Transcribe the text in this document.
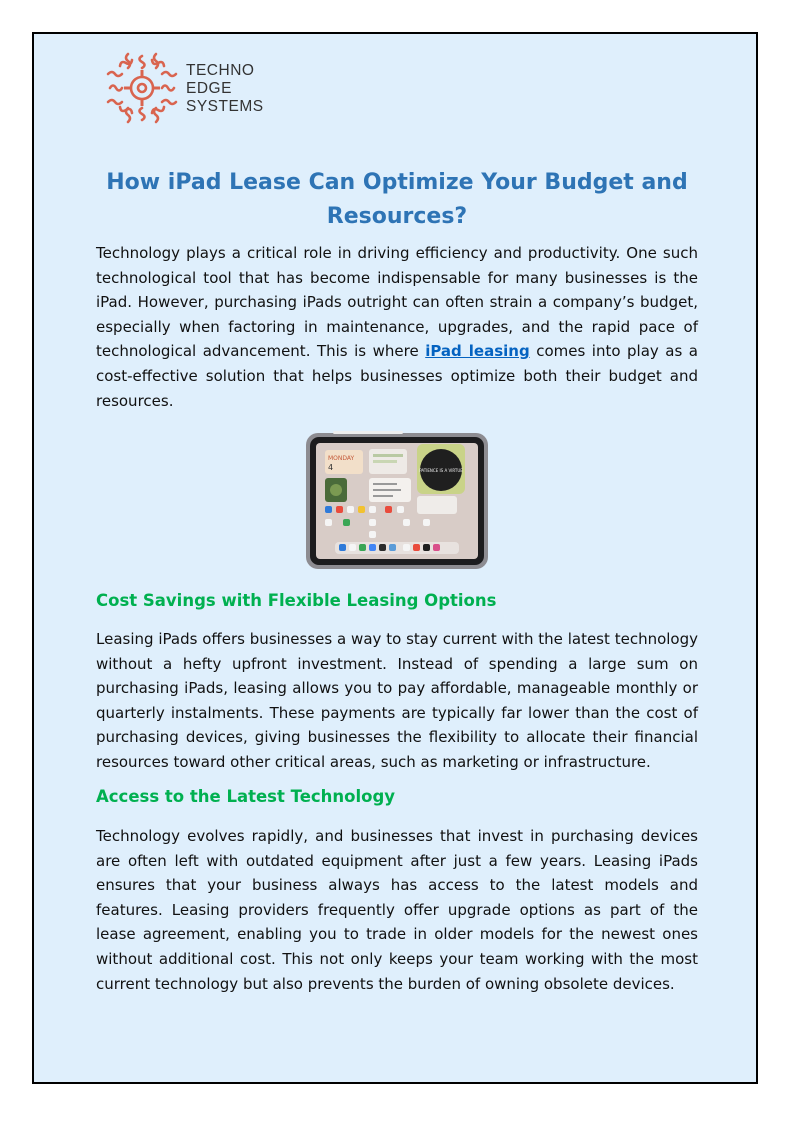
TECHNO
EDGE
SYSTEMS
How iPad Lease Can Optimize Your Budget and Resources?

Technology plays a critical role in driving efficiency and productivity. One such technological tool that has become indispensable for many businesses is the iPad. However, purchasing iPads outright can often strain a company’s budget, especially when factoring in maintenance, upgrades, and the rapid pace of technological advancement. This is where iPad leasing comes into play as a cost-effective solution that helps businesses optimize both their budget and resources.

MONDAY
4	PATIENCE IS A VIRTUE
Cost Savings with Flexible Leasing Options

Leasing iPads offers businesses a way to stay current with the latest technology without a hefty upfront investment. Instead of spending a large sum on purchasing iPads, leasing allows you to pay affordable, manageable monthly or quarterly instalments. These payments are typically far lower than the cost of purchasing devices, giving businesses the flexibility to allocate their financial resources toward other critical areas, such as marketing or infrastructure.

Access to the Latest Technology

Technology evolves rapidly, and businesses that invest in purchasing devices are often left with outdated equipment after just a few years. Leasing iPads ensures that your business always has access to the latest models and features. Leasing providers frequently offer upgrade options as part of the lease agreement, enabling you to trade in older models for the newest ones without additional cost. This not only keeps your team working with the most current technology but also prevents the burden of owning obsolete devices.
